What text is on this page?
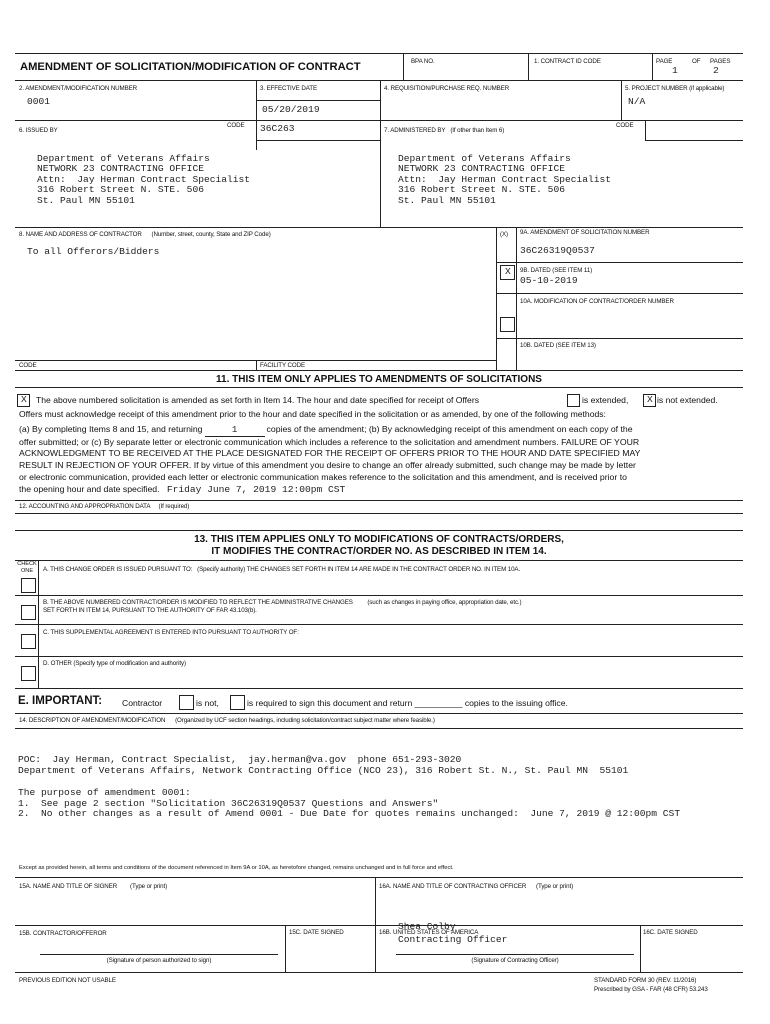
AMENDMENT OF SOLICITATION/MODIFICATION OF CONTRACT	BPA NO.	1. CONTRACT ID CODE	PAGE	OF PAGES
1	2
2. AMENDMENT/MODIFICATION NUMBER
0001
3. EFFECTIVE DATE
05/20/2019
4. REQUISITION/PURCHASE REQ. NUMBER	5. PROJECT NUMBER (if applicable)
N/A
6. ISSUED BY
CODE 36C263	7. ADMINISTERED BY (If other than Item 6)
CODE

Department of Veterans Affairs
NETWORK 23 CONTRACTING OFFICE
Attn:  Jay Herman Contract Specialist
316 Robert Street N. STE. 506
St. Paul MN 55101

Department of Veterans Affairs
NETWORK 23 CONTRACTING OFFICE
Attn:  Jay Herman Contract Specialist
316 Robert Street N. STE. 506
St. Paul MN 55101

8. NAME AND ADDRESS OF CONTRACTOR (Number, street, county, State and ZIP Code)
To all Offerors/Bidders
(X) 9A. AMENDMENT OF SOLICITATION NUMBER
36C26319Q0537
X 9B. DATED (SEE ITEM 11)
05-10-2019
10A. MODIFICATION OF CONTRACT/ORDER NUMBER
10B. DATED (SEE ITEM 13)
CODE	FACILITY CODE
11. THIS ITEM ONLY APPLIES TO AMENDMENTS OF SOLICITATIONS
X The above numbered solicitation is amended as set forth in Item 14. The hour and date specified for receipt of Offers	is extended, X is not extended.
Offers must acknowledge receipt of this amendment prior to the hour and date specified in the solicitation or as amended, by one of the following methods:
(a) By completing Items 8 and 15, and returning	1	copies of the amendment; (b) By acknowledging receipt of this amendment on each copy of the
offer submitted; or (c) By separate letter or electronic communication which includes a reference to the solicitation and amendment numbers. FAILURE OF YOUR
ACKNOWLEDGMENT TO BE RECEIVED AT THE PLACE DESIGNATED FOR THE RECEIPT OF OFFERS PRIOR TO THE HOUR AND DATE SPECIFIED MAY
RESULT IN REJECTION OF YOUR OFFER. If by virtue of this amendment you desire to change an offer already submitted, such change may be made by letter
or electronic communication, provided each letter or electronic communication makes reference to the solicitation and this amendment, and is received prior to
the opening hour and date specified. Friday June 7, 2019 12:00pm CST
12. ACCOUNTING AND APPROPRIATION DATA (If required)
13. THIS ITEM APPLIES ONLY TO MODIFICATIONS OF CONTRACTS/ORDERS,
IT MODIFIES THE CONTRACT/ORDER NO. AS DESCRIBED IN ITEM 14.
CHECK ONE	A. THIS CHANGE ORDER IS ISSUED PURSUANT TO: (Specify authority) THE CHANGES SET FORTH IN ITEM 14 ARE MADE IN THE CONTRACT ORDER NO. IN ITEM 10A.
B. THE ABOVE NUMBERED CONTRACT/ORDER IS MODIFIED TO REFLECT THE ADMINISTRATIVE CHANGES (such as changes in paying office, appropriation date, etc.)
SET FORTH IN ITEM 14, PURSUANT TO THE AUTHORITY OF FAR 43.103(b).
C. THIS SUPPLEMENTAL AGREEMENT IS ENTERED INTO PURSUANT TO AUTHORITY OF:
D. OTHER (Specify type of modification and authority)
E. IMPORTANT: Contractor	is not,	is required to sign this document and return __________ copies to the issuing office.
14. DESCRIPTION OF AMENDMENT/MODIFICATION (Organized by UCF section headings, including solicitation/contract subject matter where feasible.)

POC:  Jay Herman, Contract Specialist,  jay.herman@va.gov  phone 651-293-3020
Department of Veterans Affairs, Network Contracting Office (NCO 23), 316 Robert St. N., St. Paul MN  55101

The purpose of amendment 0001:
1.  See page 2 section "Solicitation 36C26319Q0537 Questions and Answers"
2.  No other changes as a result of Amend 0001 - Due Date for quotes remains unchanged:  June 7, 2019 @ 12:00pm CST

Except as provided herein, all terms and conditions of the document referenced in Item 9A or 10A, as heretofore changed, remains unchanged and in full force and effect.
15A. NAME AND TITLE OF SIGNER (Type or print)	16A. NAME AND TITLE OF CONTRACTING OFFICER (Type or print)

Shea Colby
Contracting Officer

15B. CONTRACTOR/OFFEROR	15C. DATE SIGNED	16B. UNITED STATES OF AMERICA	16C. DATE SIGNED
(Signature of person authorized to sign)	(Signature of Contracting Officer)
PREVIOUS EDITION NOT USABLE	STANDARD FORM 30 (REV. 11/2016)
Prescribed by GSA - FAR (48 CFR) 53.243
